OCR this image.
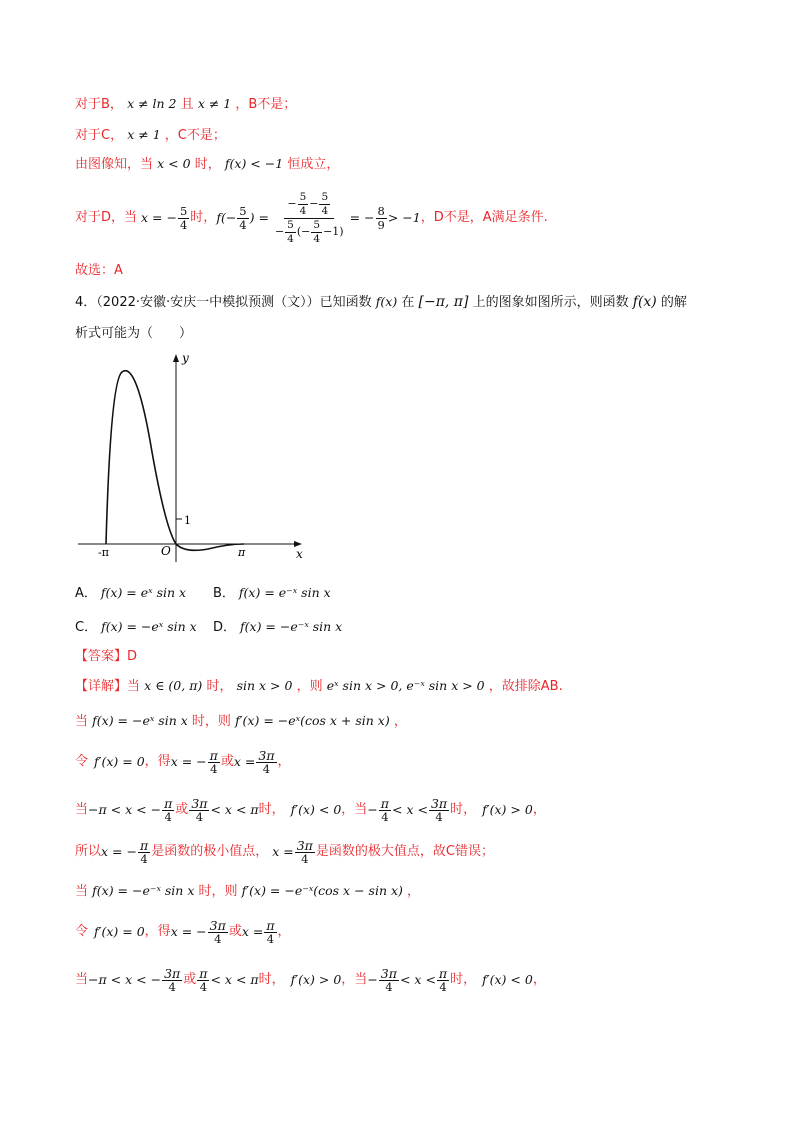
对于B， x ≠ ln 2 且 x ≠ 1 ，B不是；
对于C， x ≠ 1 ，C不是；
由图像知，当 x < 0 时， f(x) < −1 恒成立，
对于D，当 x = − $\frac{5}{4}$ 时， $f(- \frac{5}{4}$ ) = $\frac{- \frac{5}{4} - \frac{5}{4}}{- \frac{5}{4} (- \frac{5}{4} -1)}$ = − $\frac{8}{9} > -1$ ，D不是，A满足条件.
故选：A
4．（2022·安徽·安庆一中模拟预测（文））已知函数 f(x) 在 [−π, π] 上的图象如图所示，则函数 f(x) 的解
析式可能为（　　）
y
x
O
-π	π
1
A． f(x) = eˣ sin x B． f(x) = e⁻ˣ sin x
C． f(x) = −eˣ sin x D． f(x) = −e⁻ˣ sin x
【答案】D
【详解】当 x ∈ (0, π) 时， sin x > 0 ，则 eˣ sin x > 0, e⁻ˣ sin x > 0 ，故排除AB.
当 f(x) = −eˣ sin x 时，则 f′(x) = −eˣ(cos x + sin x) ，
令 f′(x) = 0 ，得 x = − $\frac{\pi}{4}$ 或 $x = \frac{3\pi}{4}$ ，
当 −π < x < − $\frac{\pi}{4}$ 或 $\frac{3\pi}{4} < x < \pi$ 时， f′(x) < 0 ，当 − $\frac{\pi}{4} < x < \frac{3\pi}{4}$ 时， f′(x) > 0 ，
所以 x = − $\frac{\pi}{4}$ 是函数的极小值点， $x = \frac{3\pi}{4}$ 是函数的极大值点，故C错误；
当 f(x) = −e⁻ˣ sin x 时，则 f′(x) = −e⁻ˣ(cos x − sin x) ，
令 f′(x) = 0 ，得 x = − $\frac{3\pi}{4}$ 或 $x = \frac{\pi}{4}$ ，
当 −π < x < − $\frac{3\pi}{4}$ 或 $\frac{\pi}{4} < x < \pi$ 时， f′(x) > 0 ，当 − $\frac{3\pi}{4} < x < \frac{\pi}{4}$ 时， f′(x) < 0 ，
